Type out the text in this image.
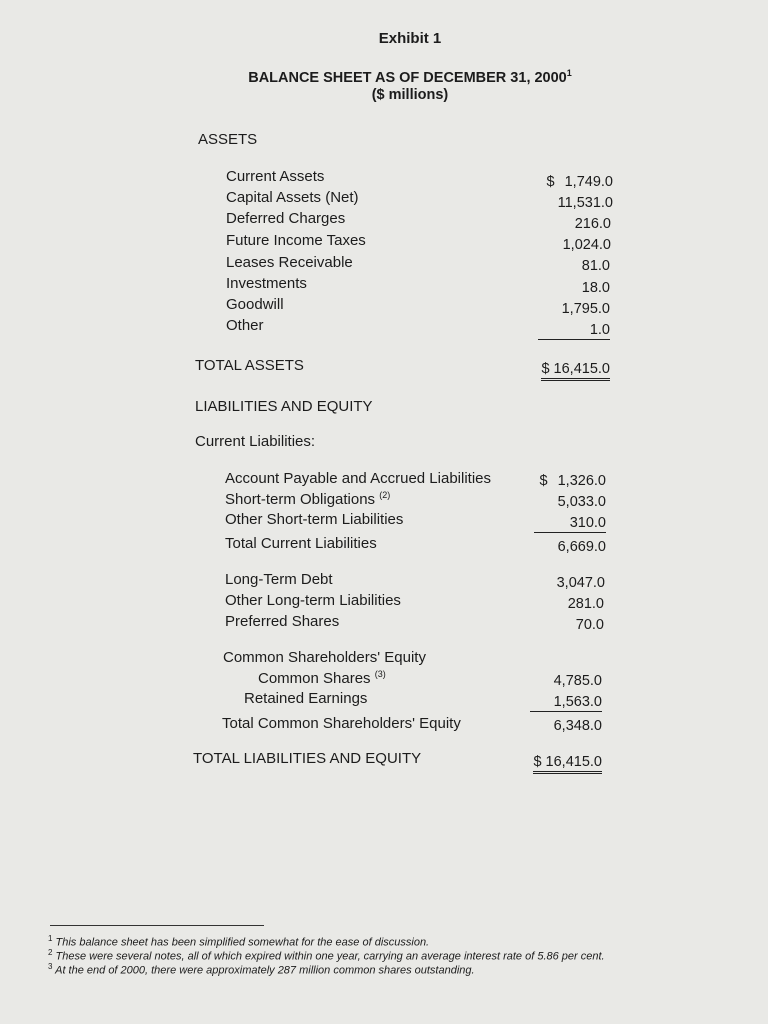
Exhibit 1
BALANCE SHEET AS OF DECEMBER 31, 2000$^1$
($ millions)
ASSETS
Current Assets
Capital Assets (Net)
Deferred Charges
Future Income Taxes
Leases Receivable
Investments
Goodwill
Other
$ 1,749.0
11,531.0
216.0
1,024.0
81.0
18.0
1,795.0
1.0
TOTAL ASSETS	$ 16,415.0
LIABILITIES AND EQUITY
Current Liabilities:
Account Payable and Accrued Liabilities
Short-term Obligations $^{(2)}$
Other Short-term Liabilities
Total Current Liabilities
$ 1,326.0
5,033.0
310.0
6,669.0
Long-Term Debt
Other Long-term Liabilities
Preferred Shares
3,047.0
281.0
70.0
Common Shareholders' Equity
Common Shares $^{(3)}$
Retained Earnings
Total Common Shareholders' Equity
4,785.0
1,563.0
6,348.0
TOTAL LIABILITIES AND EQUITY	$ 16,415.0
$^1$ This balance sheet has been simplified somewhat for the ease of discussion.
$^2$ These were several notes, all of which expired within one year, carrying an average interest rate of 5.86 per cent.
$^3$ At the end of 2000, there were approximately 287 million common shares outstanding.
